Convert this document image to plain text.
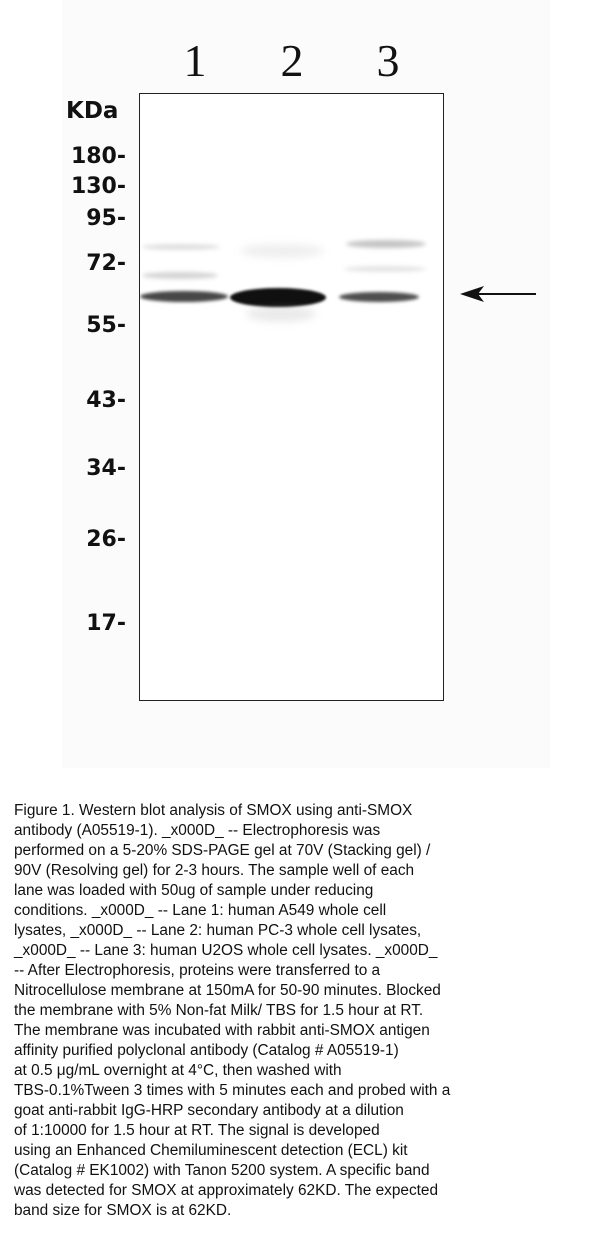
1 2 3
KDa
180-
130-
95-
72-
55-
43-
34-
26-
17-
Figure 1. Western blot analysis of SMOX using anti-SMOX
antibody (A05519-1). _x000D_ -- Electrophoresis was
performed on a 5-20% SDS-PAGE gel at 70V (Stacking gel) /
90V (Resolving gel) for 2-3 hours. The sample well of each
lane was loaded with 50ug of sample under reducing
conditions. _x000D_ -- Lane 1: human A549 whole cell
lysates, _x000D_ -- Lane 2: human PC-3 whole cell lysates,
_x000D_ -- Lane 3: human U2OS whole cell lysates. _x000D_
-- After Electrophoresis, proteins were transferred to a
Nitrocellulose membrane at 150mA for 50-90 minutes. Blocked
the membrane with 5% Non-fat Milk/ TBS for 1.5 hour at RT.
The membrane was incubated with rabbit anti-SMOX antigen
affinity purified polyclonal antibody (Catalog # A05519-1)
at 0.5 μg/mL overnight at 4°C, then washed with
TBS-0.1%Tween 3 times with 5 minutes each and probed with a
goat anti-rabbit IgG-HRP secondary antibody at a dilution
of 1:10000 for 1.5 hour at RT. The signal is developed
using an Enhanced Chemiluminescent detection (ECL) kit
(Catalog # EK1002) with Tanon 5200 system. A specific band
was detected for SMOX at approximately 62KD. The expected
band size for SMOX is at 62KD.
